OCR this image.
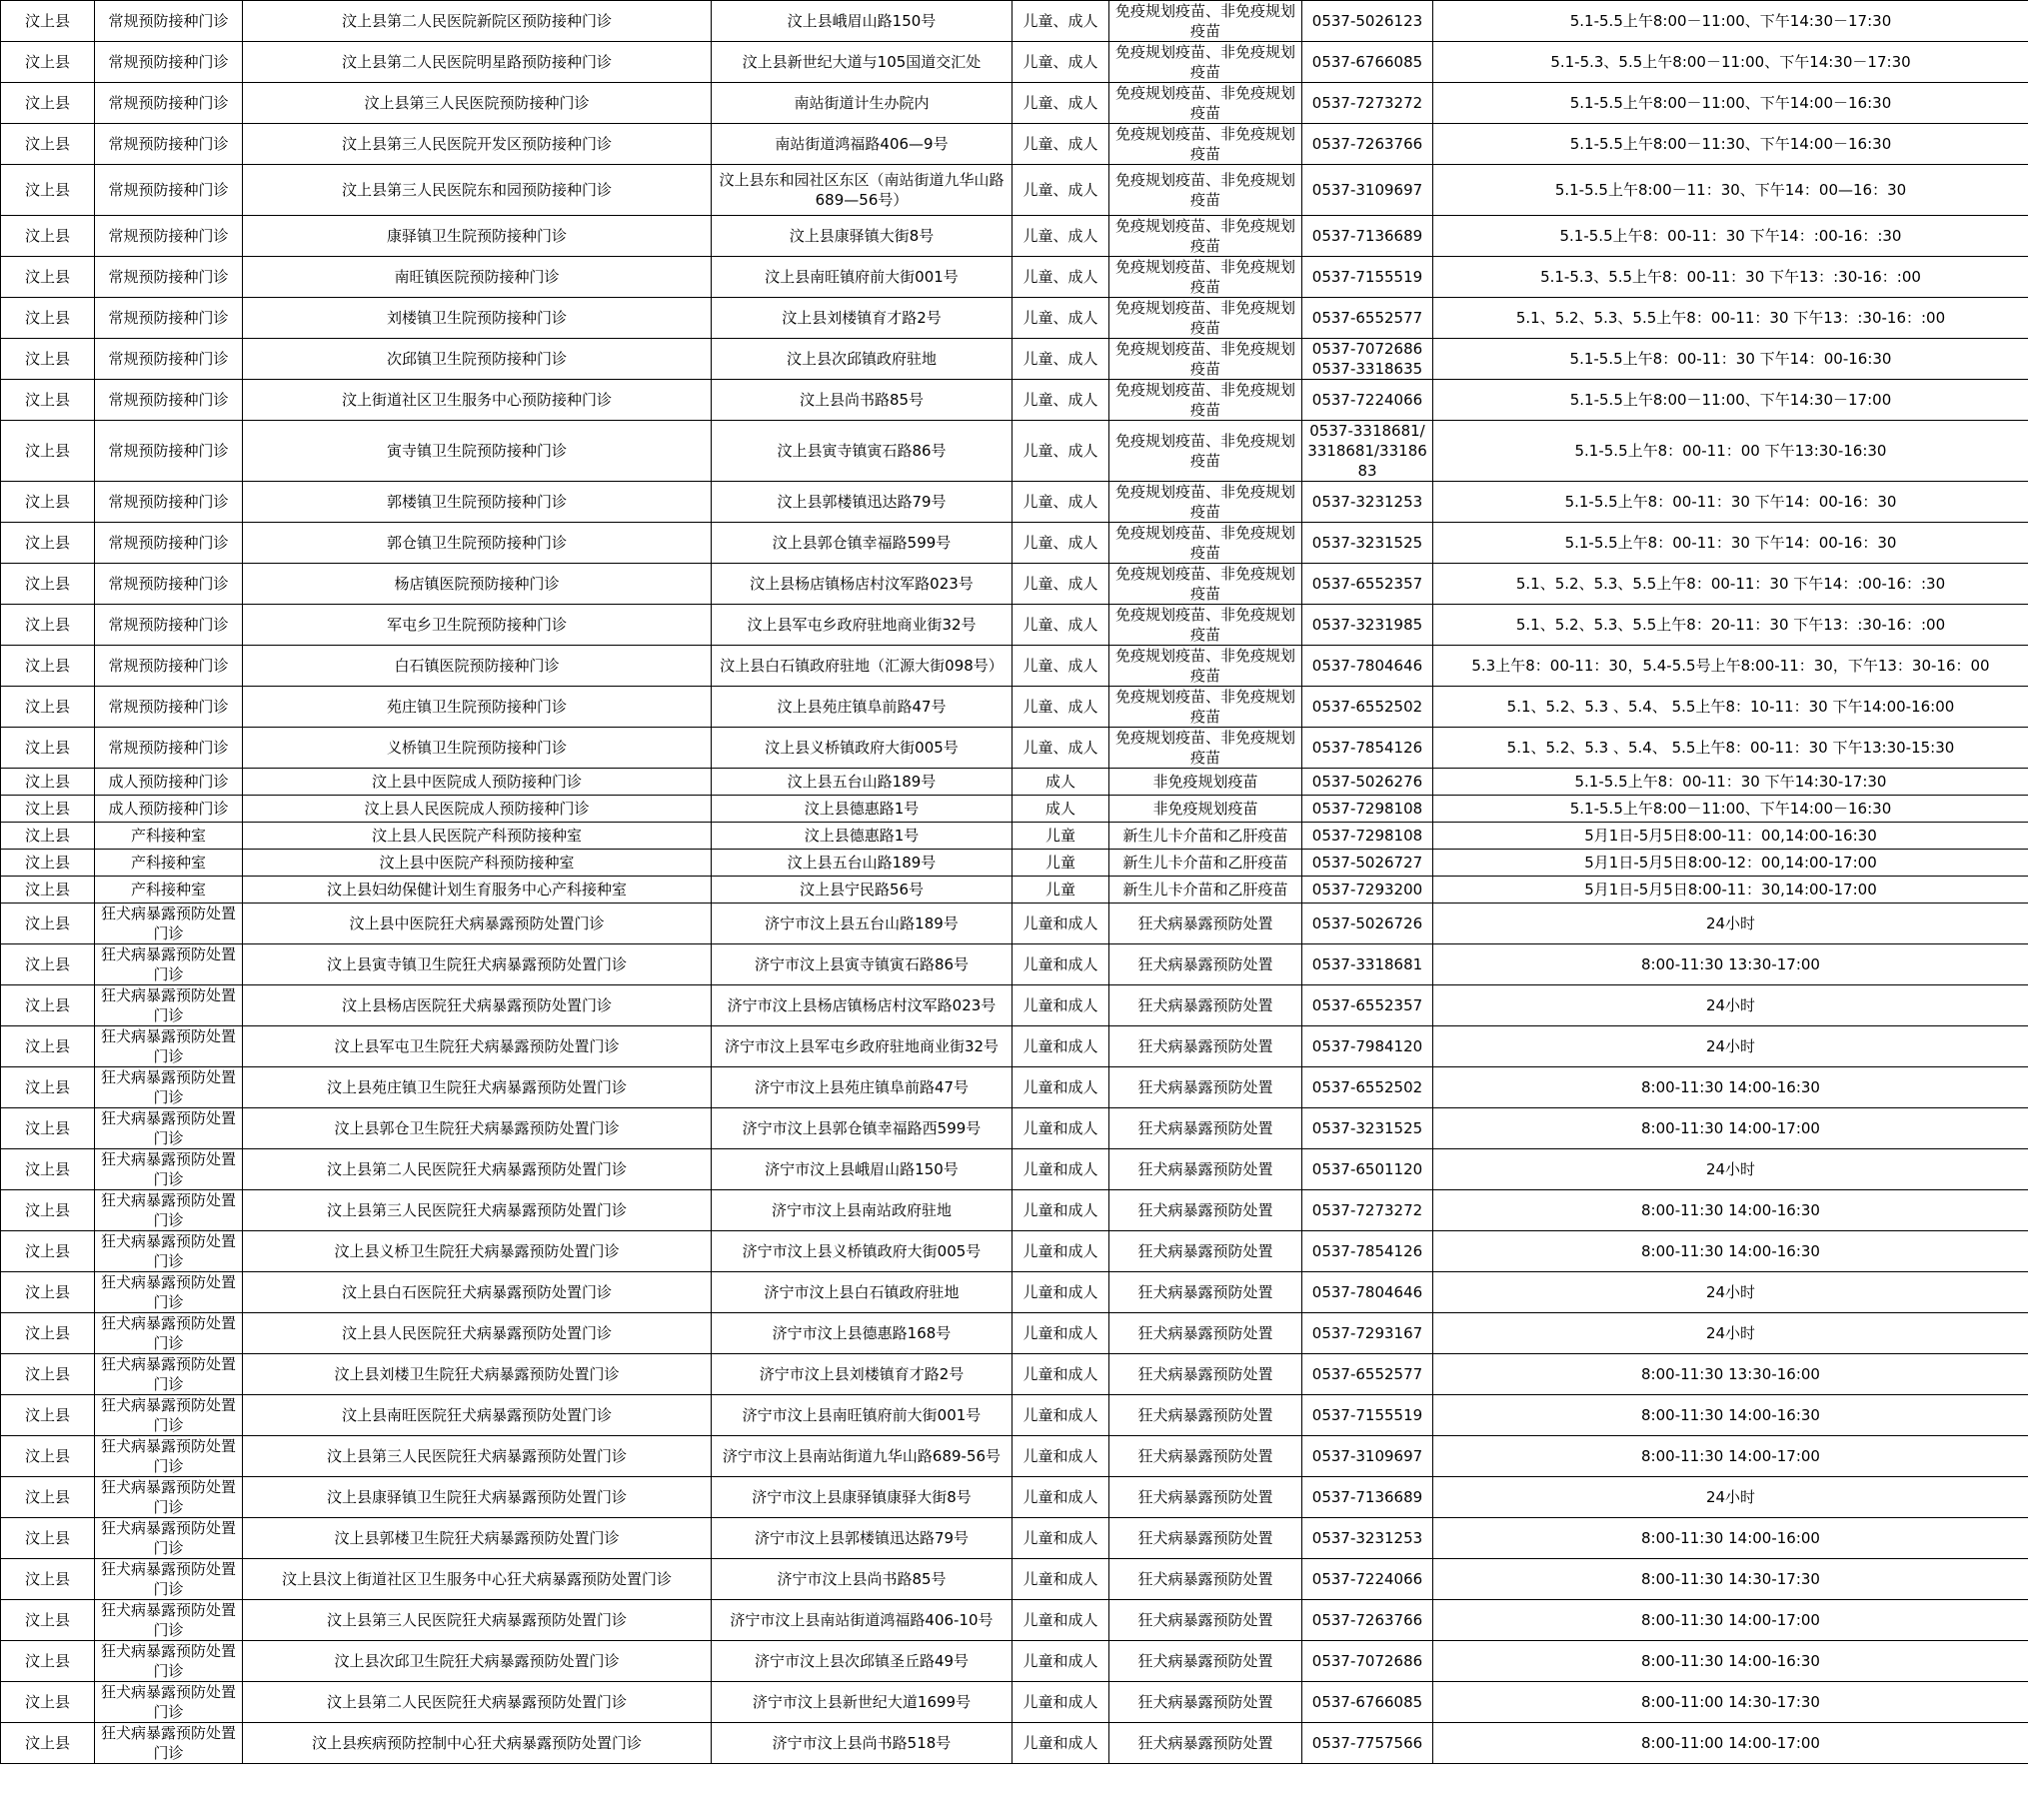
汶上县	常规预防接种门诊	汶上县第二人民医院新院区预防接种门诊	汶上县峨眉山路150号	儿童、成人	免疫规划疫苗、非免疫规划疫苗	0537-5026123	5.1-5.5上午8:00－11:00、下午14:30－17:30
汶上县	常规预防接种门诊	汶上县第二人民医院明星路预防接种门诊	汶上县新世纪大道与105国道交汇处	儿童、成人	免疫规划疫苗、非免疫规划疫苗	0537-6766085	5.1-5.3、5.5上午8:00－11:00、下午14:30－17:30
汶上县	常规预防接种门诊	汶上县第三人民医院预防接种门诊	南站街道计生办院内	儿童、成人	免疫规划疫苗、非免疫规划疫苗	0537-7273272	5.1-5.5上午8:00－11:00、下午14:00－16:30
汶上县	常规预防接种门诊	汶上县第三人民医院开发区预防接种门诊	南站街道鸿福路406—9号	儿童、成人	免疫规划疫苗、非免疫规划疫苗	0537-7263766	5.1-5.5上午8:00－11:30、下午14:00－16:30
汶上县	常规预防接种门诊	汶上县第三人民医院东和园预防接种门诊	汶上县东和园社区东区（南站街道九华山路689—56号）	儿童、成人	免疫规划疫苗、非免疫规划疫苗	0537-3109697	5.1-5.5上午8:00－11：30、下午14：00—16：30
汶上县	常规预防接种门诊	康驿镇卫生院预防接种门诊	汶上县康驿镇大街8号	儿童、成人	免疫规划疫苗、非免疫规划疫苗	0537-7136689	5.1-5.5上午8：00-11：30 下午14：:00-16：:30
汶上县	常规预防接种门诊	南旺镇医院预防接种门诊	汶上县南旺镇府前大街001号	儿童、成人	免疫规划疫苗、非免疫规划疫苗	0537-7155519	5.1-5.3、5.5上午8：00-11：30 下午13：:30-16：:00
汶上县	常规预防接种门诊	刘楼镇卫生院预防接种门诊	汶上县刘楼镇育才路2号	儿童、成人	免疫规划疫苗、非免疫规划疫苗	0537-6552577	5.1、5.2、5.3、5.5上午8：00-11：30 下午13：:30-16：:00
汶上县	常规预防接种门诊	次邱镇卫生院预防接种门诊	汶上县次邱镇政府驻地	儿童、成人	免疫规划疫苗、非免疫规划疫苗	0537-7072686 0537-3318635	5.1-5.5上午8：00-11：30 下午14：00-16:30
汶上县	常规预防接种门诊	汶上街道社区卫生服务中心预防接种门诊	汶上县尚书路85号	儿童、成人	免疫规划疫苗、非免疫规划疫苗	0537-7224066	5.1-5.5上午8:00－11:00、下午14:30－17:00
汶上县	常规预防接种门诊	寅寺镇卫生院预防接种门诊	汶上县寅寺镇寅石路86号	儿童、成人	免疫规划疫苗、非免疫规划疫苗	0537-3318681/3318681/3318683	5.1-5.5上午8：00-11：00 下午13:30-16:30
汶上县	常规预防接种门诊	郭楼镇卫生院预防接种门诊	汶上县郭楼镇迅达路79号	儿童、成人	免疫规划疫苗、非免疫规划疫苗	0537-3231253	5.1-5.5上午8：00-11：30 下午14：00-16：30
汶上县	常规预防接种门诊	郭仓镇卫生院预防接种门诊	汶上县郭仓镇幸福路599号	儿童、成人	免疫规划疫苗、非免疫规划疫苗	0537-3231525	5.1-5.5上午8：00-11：30 下午14：00-16：30
汶上县	常规预防接种门诊	杨店镇医院预防接种门诊	汶上县杨店镇杨店村汶军路023号	儿童、成人	免疫规划疫苗、非免疫规划疫苗	0537-6552357	5.1、5.2、5.3、5.5上午8：00-11：30 下午14：:00-16：:30
汶上县	常规预防接种门诊	军屯乡卫生院预防接种门诊	汶上县军屯乡政府驻地商业街32号	儿童、成人	免疫规划疫苗、非免疫规划疫苗	0537-3231985	5.1、5.2、5.3、5.5上午8：20-11：30 下午13：:30-16：:00
汶上县	常规预防接种门诊	白石镇医院预防接种门诊	汶上县白石镇政府驻地（汇源大街098号）	儿童、成人	免疫规划疫苗、非免疫规划疫苗	0537-7804646	5.3上午8：00-11：30，5.4-5.5号上午8:00-11：30，下午13：30-16：00
汶上县	常规预防接种门诊	苑庄镇卫生院预防接种门诊	汶上县苑庄镇阜前路47号	儿童、成人	免疫规划疫苗、非免疫规划疫苗	0537-6552502	5.1、5.2、5.3 、5.4、 5.5上午8：10-11：30 下午14:00-16:00
汶上县	常规预防接种门诊	义桥镇卫生院预防接种门诊	汶上县义桥镇政府大街005号	儿童、成人	免疫规划疫苗、非免疫规划疫苗	0537-7854126	5.1、5.2、5.3 、5.4、 5.5上午8：00-11：30 下午13:30-15:30
汶上县	成人预防接种门诊	汶上县中医院成人预防接种门诊	汶上县五台山路189号	成人	非免疫规划疫苗	0537-5026276	5.1-5.5上午8：00-11：30 下午14:30-17:30
汶上县	成人预防接种门诊	汶上县人民医院成人预防接种门诊	汶上县德惠路1号	成人	非免疫规划疫苗	0537-7298108	5.1-5.5上午8:00－11:00、下午14:00－16:30
汶上县	产科接种室	汶上县人民医院产科预防接种室	汶上县德惠路1号	儿童	新生儿卡介苗和乙肝疫苗	0537-7298108	5月1日-5月5日8:00-11：00,14:00-16:30
汶上县	产科接种室	汶上县中医院产科预防接种室	汶上县五台山路189号	儿童	新生儿卡介苗和乙肝疫苗	0537-5026727	5月1日-5月5日8:00-12：00,14:00-17:00
汶上县	产科接种室	汶上县妇幼保健计划生育服务中心产科接种室	汶上县宁民路56号	儿童	新生儿卡介苗和乙肝疫苗	0537-7293200	5月1日-5月5日8:00-11：30,14:00-17:00
汶上县	狂犬病暴露预防处置门诊	汶上县中医院狂犬病暴露预防处置门诊	济宁市汶上县五台山路189号	儿童和成人	狂犬病暴露预防处置	0537-5026726	24小时
汶上县	狂犬病暴露预防处置门诊	汶上县寅寺镇卫生院狂犬病暴露预防处置门诊	济宁市汶上县寅寺镇寅石路86号	儿童和成人	狂犬病暴露预防处置	0537-3318681	8:00-11:30 13:30-17:00
汶上县	狂犬病暴露预防处置门诊	汶上县杨店医院狂犬病暴露预防处置门诊	济宁市汶上县杨店镇杨店村汶军路023号	儿童和成人	狂犬病暴露预防处置	0537-6552357	24小时
汶上县	狂犬病暴露预防处置门诊	汶上县军屯卫生院狂犬病暴露预防处置门诊	济宁市汶上县军屯乡政府驻地商业街32号	儿童和成人	狂犬病暴露预防处置	0537-7984120	24小时
汶上县	狂犬病暴露预防处置门诊	汶上县苑庄镇卫生院狂犬病暴露预防处置门诊	济宁市汶上县苑庄镇阜前路47号	儿童和成人	狂犬病暴露预防处置	0537-6552502	8:00-11:30 14:00-16:30
汶上县	狂犬病暴露预防处置门诊	汶上县郭仓卫生院狂犬病暴露预防处置门诊	济宁市汶上县郭仓镇幸福路西599号	儿童和成人	狂犬病暴露预防处置	0537-3231525	8:00-11:30 14:00-17:00
汶上县	狂犬病暴露预防处置门诊	汶上县第二人民医院狂犬病暴露预防处置门诊	济宁市汶上县峨眉山路150号	儿童和成人	狂犬病暴露预防处置	0537-6501120	24小时
汶上县	狂犬病暴露预防处置门诊	汶上县第三人民医院狂犬病暴露预防处置门诊	济宁市汶上县南站政府驻地	儿童和成人	狂犬病暴露预防处置	0537-7273272	8:00-11:30 14:00-16:30
汶上县	狂犬病暴露预防处置门诊	汶上县义桥卫生院狂犬病暴露预防处置门诊	济宁市汶上县义桥镇政府大街005号	儿童和成人	狂犬病暴露预防处置	0537-7854126	8:00-11:30 14:00-16:30
汶上县	狂犬病暴露预防处置门诊	汶上县白石医院狂犬病暴露预防处置门诊	济宁市汶上县白石镇政府驻地	儿童和成人	狂犬病暴露预防处置	0537-7804646	24小时
汶上县	狂犬病暴露预防处置门诊	汶上县人民医院狂犬病暴露预防处置门诊	济宁市汶上县德惠路168号	儿童和成人	狂犬病暴露预防处置	0537-7293167	24小时
汶上县	狂犬病暴露预防处置门诊	汶上县刘楼卫生院狂犬病暴露预防处置门诊	济宁市汶上县刘楼镇育才路2号	儿童和成人	狂犬病暴露预防处置	0537-6552577	8:00-11:30 13:30-16:00
汶上县	狂犬病暴露预防处置门诊	汶上县南旺医院狂犬病暴露预防处置门诊	济宁市汶上县南旺镇府前大街001号	儿童和成人	狂犬病暴露预防处置	0537-7155519	8:00-11:30 14:00-16:30
汶上县	狂犬病暴露预防处置门诊	汶上县第三人民医院狂犬病暴露预防处置门诊	济宁市汶上县南站街道九华山路689-56号	儿童和成人	狂犬病暴露预防处置	0537-3109697	8:00-11:30 14:00-17:00
汶上县	狂犬病暴露预防处置门诊	汶上县康驿镇卫生院狂犬病暴露预防处置门诊	济宁市汶上县康驿镇康驿大街8号	儿童和成人	狂犬病暴露预防处置	0537-7136689	24小时
汶上县	狂犬病暴露预防处置门诊	汶上县郭楼卫生院狂犬病暴露预防处置门诊	济宁市汶上县郭楼镇迅达路79号	儿童和成人	狂犬病暴露预防处置	0537-3231253	8:00-11:30 14:00-16:00
汶上县	狂犬病暴露预防处置门诊	汶上县汶上街道社区卫生服务中心狂犬病暴露预防处置门诊	济宁市汶上县尚书路85号	儿童和成人	狂犬病暴露预防处置	0537-7224066	8:00-11:30 14:30-17:30
汶上县	狂犬病暴露预防处置门诊	汶上县第三人民医院狂犬病暴露预防处置门诊	济宁市汶上县南站街道鸿福路406-10号	儿童和成人	狂犬病暴露预防处置	0537-7263766	8:00-11:30 14:00-17:00
汶上县	狂犬病暴露预防处置门诊	汶上县次邱卫生院狂犬病暴露预防处置门诊	济宁市汶上县次邱镇圣丘路49号	儿童和成人	狂犬病暴露预防处置	0537-7072686	8:00-11:30 14:00-16:30
汶上县	狂犬病暴露预防处置门诊	汶上县第二人民医院狂犬病暴露预防处置门诊	济宁市汶上县新世纪大道1699号	儿童和成人	狂犬病暴露预防处置	0537-6766085	8:00-11:00 14:30-17:30
汶上县	狂犬病暴露预防处置门诊	汶上县疾病预防控制中心狂犬病暴露预防处置门诊	济宁市汶上县尚书路518号	儿童和成人	狂犬病暴露预防处置	0537-7757566	8:00-11:00 14:00-17:00
